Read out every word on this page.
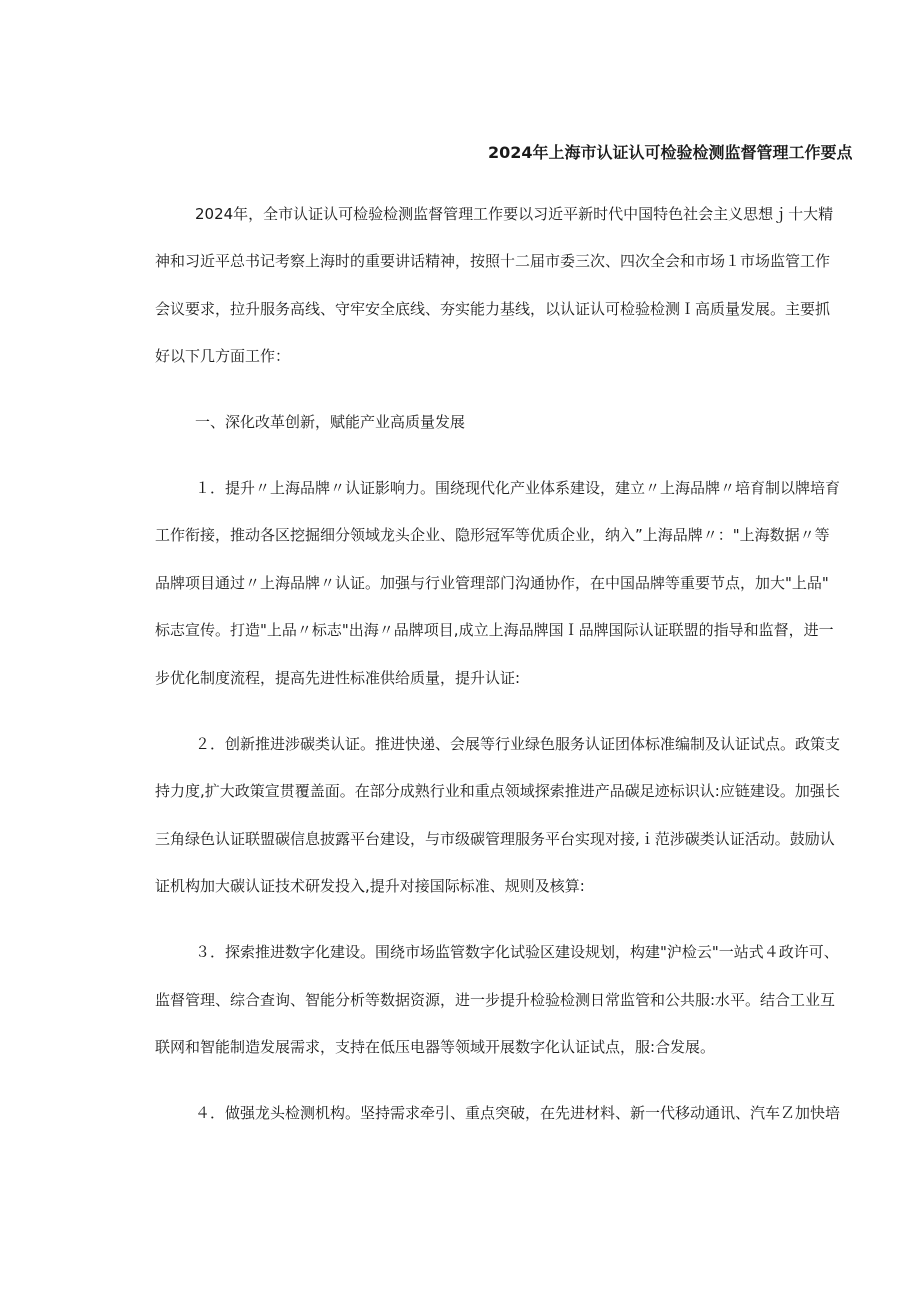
2024年上海市认证认可检验检测监督管理工作要点
2024年，全市认证认可检验检测监督管理工作要以习近平新时代中国特色社会主义思想ｊ十大精
神和习近平总书记考察上海时的重要讲话精神，按照十二届市委三次、四次全会和市场１市场监管工作
会议要求，拉升服务高线、守牢安全底线、夯实能力基线，以认证认可检验检测Ｉ高质量发展。主要抓
好以下几方面工作：
一、深化改革创新，赋能产业高质量发展
１．提升〃上海品牌〃认证影响力。围绕现代化产业体系建设，建立〃上海品牌〃培育制以牌培育
工作衔接，推动各区挖掘细分领域龙头企业、隐形冠军等优质企业，纳入”上海品牌〃："上海数据〃等
品牌项目通过〃上海品牌〃认证。加强与行业管理部门沟通协作，在中国品牌等重要节点，加大"上品"
标志宣传。打造"上品〃标志"出海〃品牌项目,成立上海品牌国Ｉ品牌国际认证联盟的指导和监督，进一
步优化制度流程，提高先进性标准供给质量，提升认证:
２．创新推进涉碳类认证。推进快递、会展等行业绿色服务认证团体标准编制及认证试点。政策支
持力度,扩大政策宣贯覆盖面。在部分成熟行业和重点领域探索推进产品碳足迹标识认:应链建设。加强长
三角绿色认证联盟碳信息披露平台建设，与市级碳管理服务平台实现对接,ｉ范涉碳类认证活动。鼓励认
证机构加大碳认证技术研发投入,提升对接国际标准、规则及核算:
３．探索推进数字化建设。围绕市场监管数字化试验区建设规划，构建"沪检云"一站式４政许可、
监督管理、综合查询、智能分析等数据资源，进一步提升检验检测日常监管和公共服:水平。结合工业互
联网和智能制造发展需求，支持在低压电器等领域开展数字化认证试点，服:合发展。
４．做强龙头检测机构。坚持需求牵引、重点突破，在先进材料、新一代移动通讯、汽车Ｚ加快培
